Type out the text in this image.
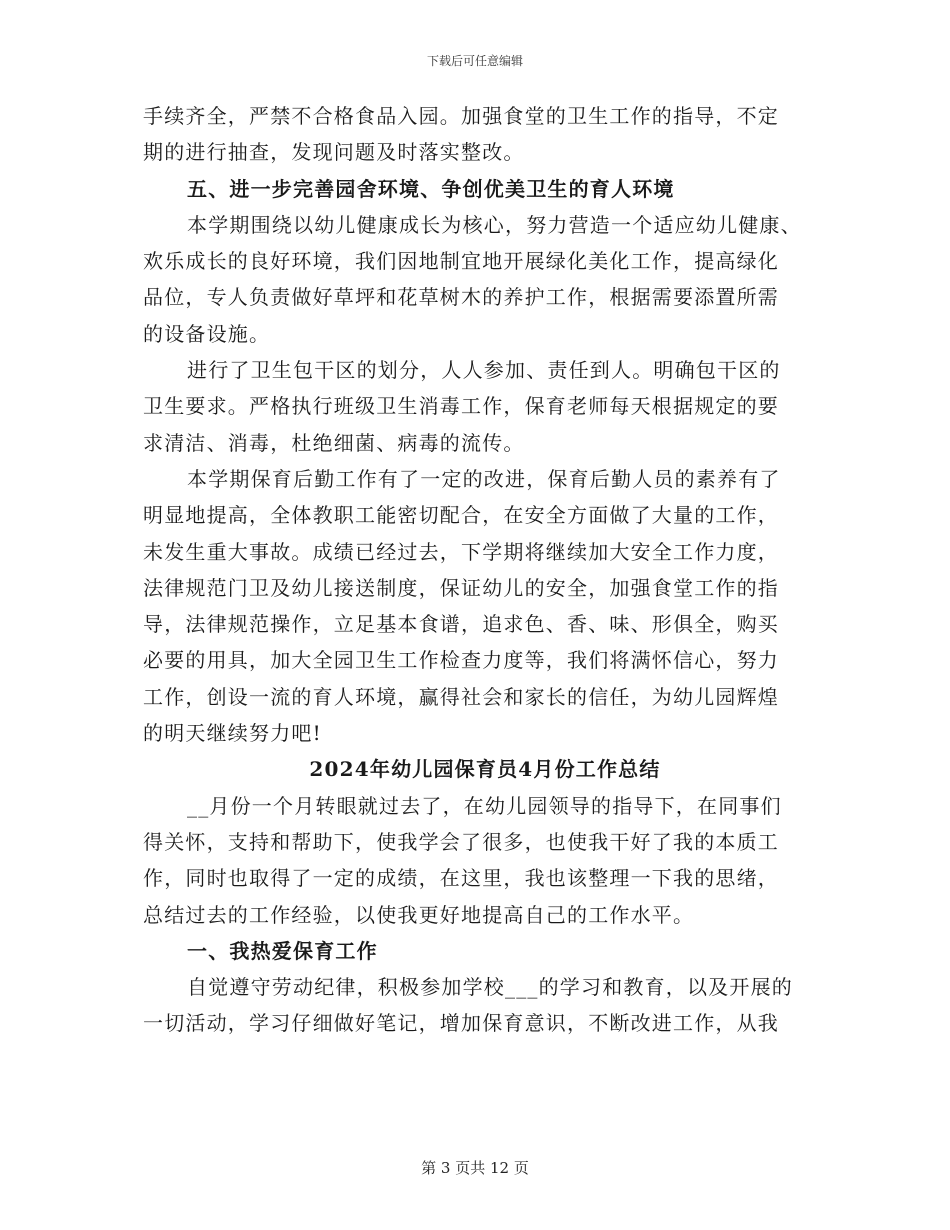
下载后可任意编辑
手续齐全，严禁不合格食品入园。加强食堂的卫生工作的指导，不定
期的进行抽查，发现问题及时落实整改。
五、进一步完善园舍环境、争创优美卫生的育人环境
本学期围绕以幼儿健康成长为核心，努力营造一个适应幼儿健康、
欢乐成长的良好环境，我们因地制宜地开展绿化美化工作，提高绿化
品位，专人负责做好草坪和花草树木的养护工作，根据需要添置所需
的设备设施。
进行了卫生包干区的划分，人人参加、责任到人。明确包干区的
卫生要求。严格执行班级卫生消毒工作，保育老师每天根据规定的要
求清洁、消毒，杜绝细菌、病毒的流传。
本学期保育后勤工作有了一定的改进，保育后勤人员的素养有了
明显地提高，全体教职工能密切配合，在安全方面做了大量的工作，
未发生重大事故。成绩已经过去，下学期将继续加大安全工作力度，
法律规范门卫及幼儿接送制度，保证幼儿的安全，加强食堂工作的指
导，法律规范操作，立足基本食谱，追求色、香、味、形俱全，购买
必要的用具，加大全园卫生工作检查力度等，我们将满怀信心，努力
工作，创设一流的育人环境，赢得社会和家长的信任，为幼儿园辉煌
的明天继续努力吧!
2024年幼儿园保育员4月份工作总结
__月份一个月转眼就过去了，在幼儿园领导的指导下，在同事们
得关怀，支持和帮助下，使我学会了很多，也使我干好了我的本质工
作，同时也取得了一定的成绩，在这里，我也该整理一下我的思绪，
总结过去的工作经验，以使我更好地提高自己的工作水平。
一、我热爱保育工作
自觉遵守劳动纪律，积极参加学校___的学习和教育，以及开展的
一切活动，学习仔细做好笔记，增加保育意识，不断改进工作，从我
第 3 页共 12 页
